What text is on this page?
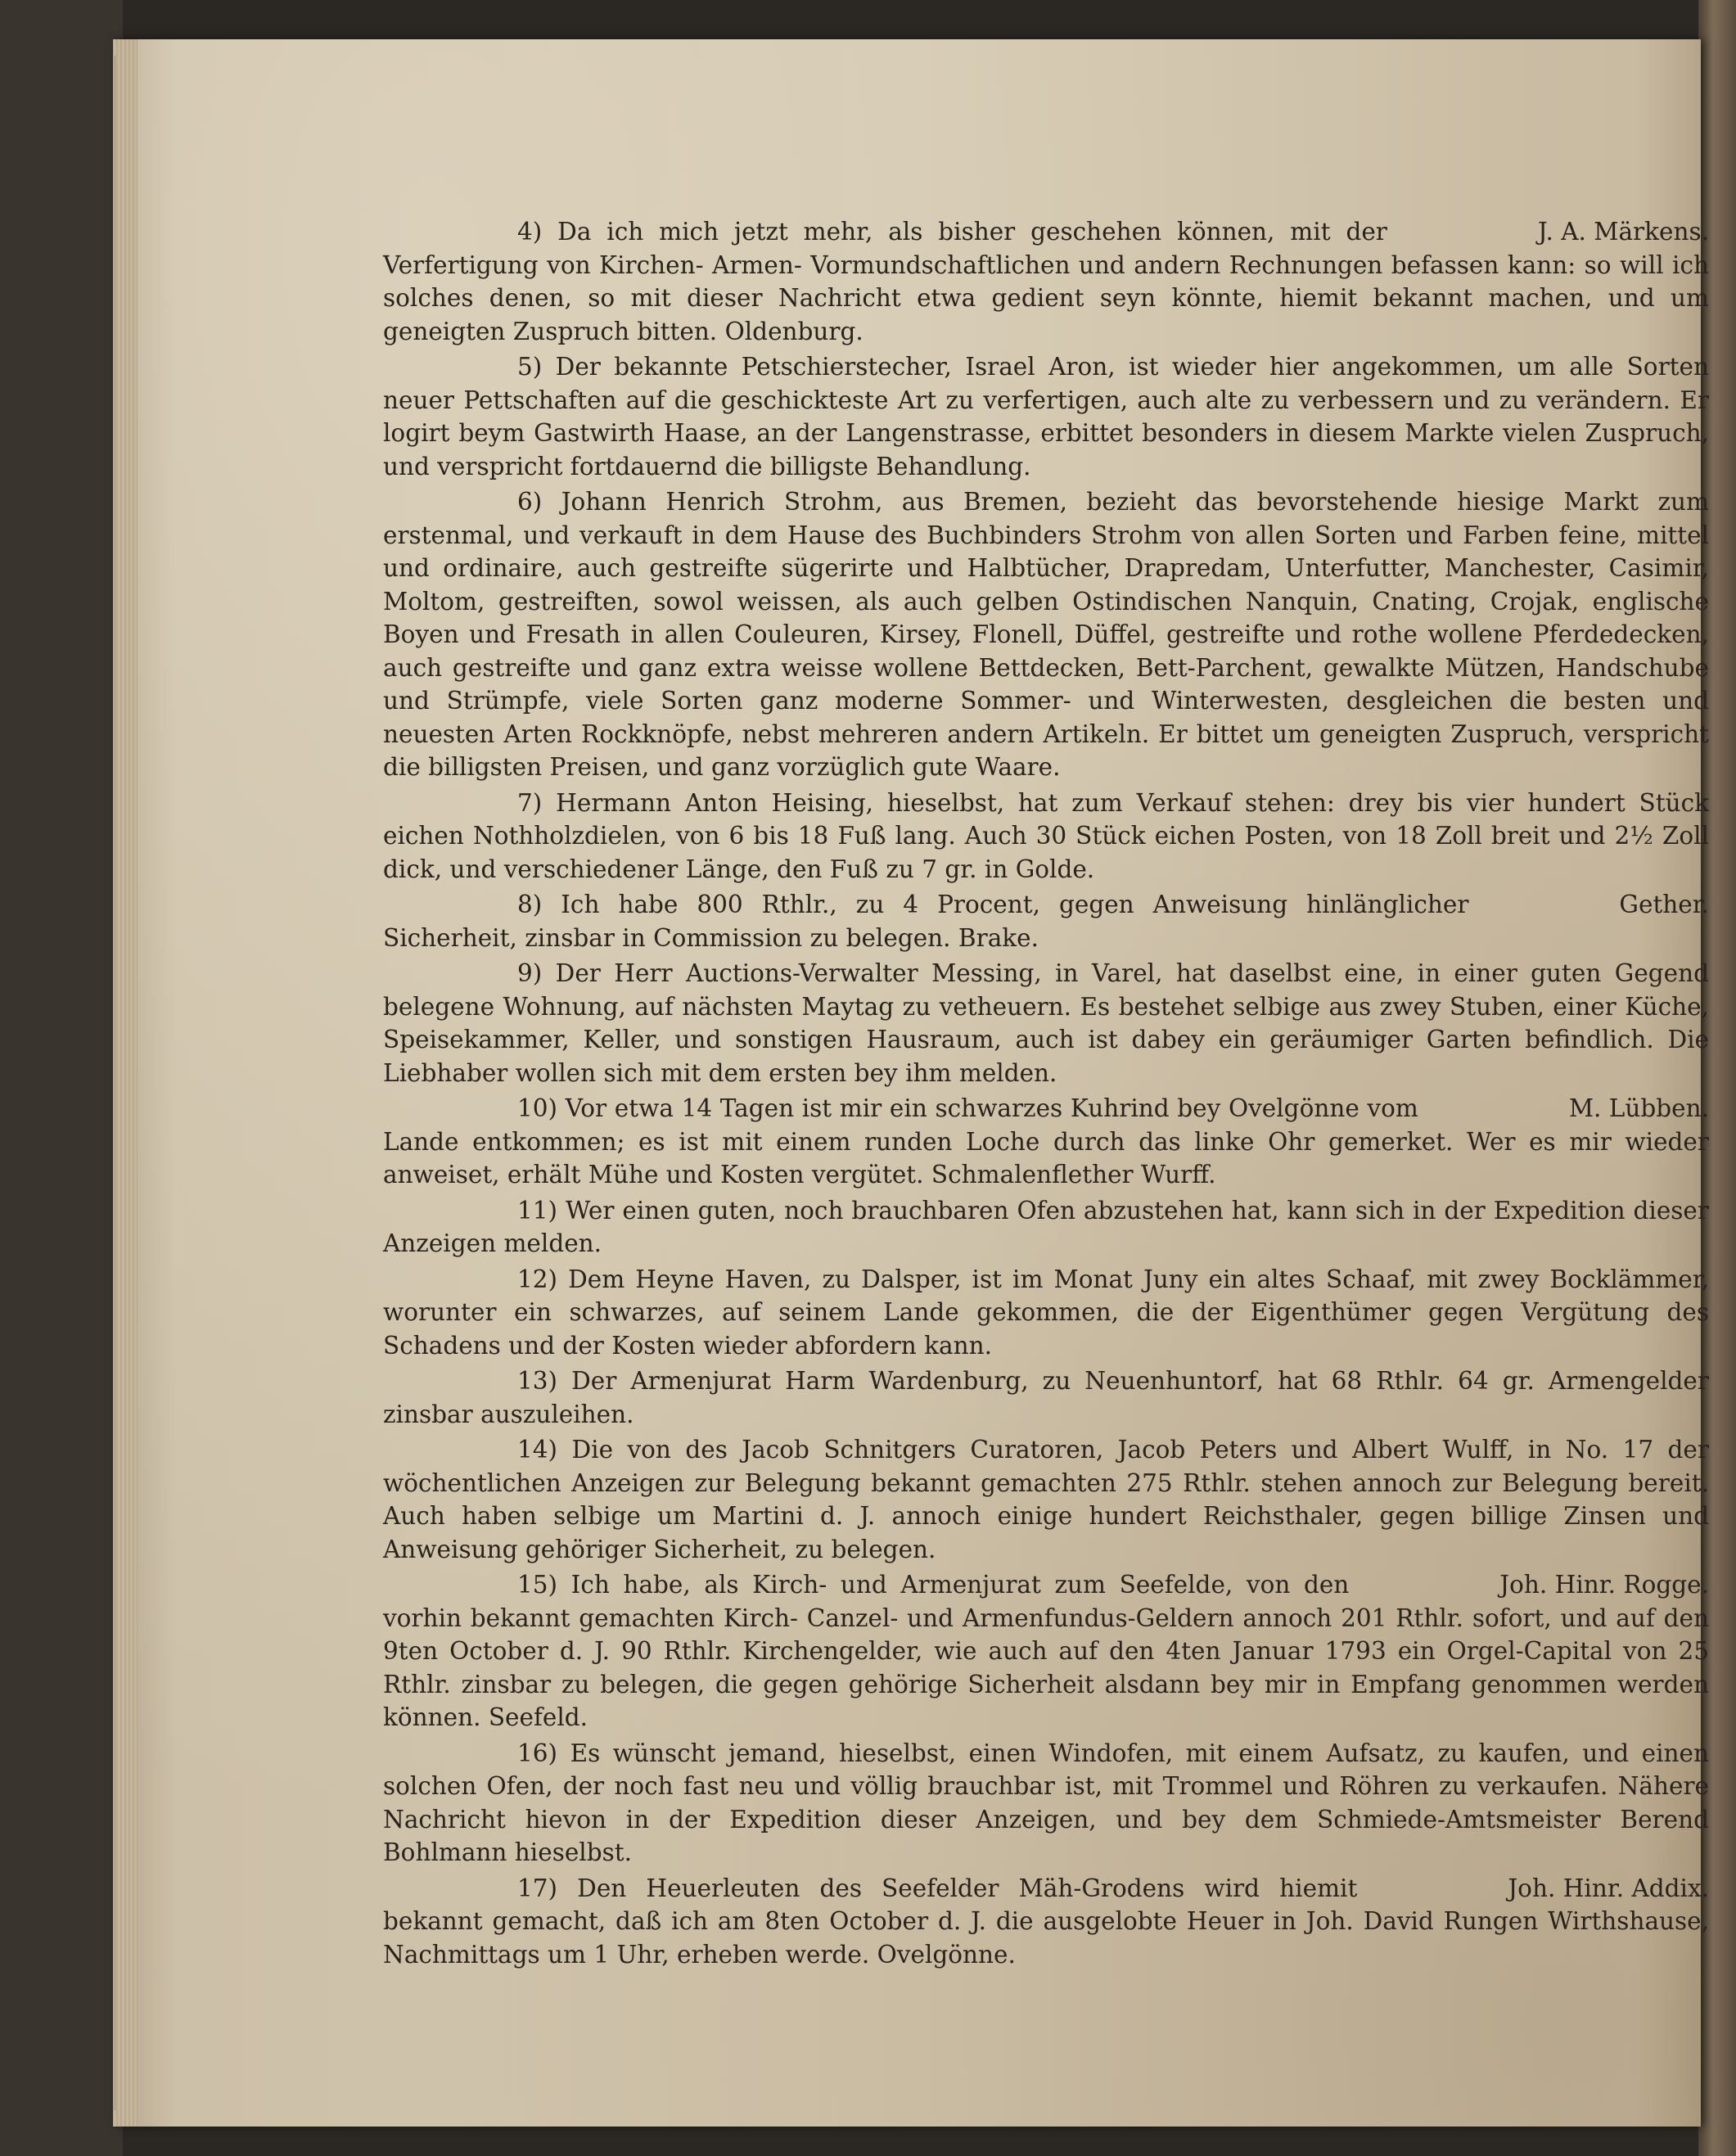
J. A. Märkens.
4) Da ich mich jetzt mehr, als bisher geschehen können, mit der Verfertigung von Kirchen- Armen- Vormundschaftlichen und andern Rechnungen befassen kann: so will ich solches denen, so mit dieser Nachricht etwa gedient seyn könnte, hiemit bekannt machen, und um geneigten Zuspruch bitten. Oldenburg.

5) Der bekannte Petschierstecher, Israel Aron, ist wieder hier angekommen, um alle Sorten neuer Pettschaften auf die geschickteste Art zu verfertigen, auch alte zu verbessern und zu verändern. Er logirt beym Gastwirth Haase, an der Langenstrasse, erbittet besonders in diesem Markte vielen Zuspruch, und verspricht fortdauernd die billigste Behandlung.

6) Johann Henrich Strohm, aus Bremen, bezieht das bevorstehende hiesige Markt zum erstenmal, und verkauft in dem Hause des Buchbinders Strohm von allen Sorten und Farben feine, mittel und ordinaire, auch gestreifte sügerirte und Halbtücher, Drapredam, Unterfutter, Manchester, Casimir, Moltom, gestreiften, sowol weissen, als auch gelben Ostindischen Nanquin, Cnating, Crojak, englische Boyen und Fresath in allen Couleuren, Kirsey, Flonell, Düffel, gestreifte und rothe wollene Pferdedecken, auch gestreifte und ganz extra weisse wollene Bettdecken, Bett-Parchent, gewalkte Mützen, Handschube und Strümpfe, viele Sorten ganz moderne Sommer- und Winterwesten, desgleichen die besten und neuesten Arten Rockknöpfe, nebst mehreren andern Artikeln. Er bittet um geneigten Zuspruch, verspricht die billigsten Preisen, und ganz vorzüglich gute Waare.

7) Hermann Anton Heising, hieselbst, hat zum Verkauf stehen: drey bis vier hundert Stück eichen Nothholzdielen, von 6 bis 18 Fuß lang. Auch 30 Stück eichen Posten, von 18 Zoll breit und 2½ Zoll dick, und verschiedener Länge, den Fuß zu 7 gr. in Golde.

Gether.
8) Ich habe 800 Rthlr., zu 4 Procent, gegen Anweisung hinlänglicher Sicherheit, zinsbar in Commission zu belegen. Brake.

9) Der Herr Auctions-Verwalter Messing, in Varel, hat daselbst eine, in einer guten Gegend belegene Wohnung, auf nächsten Maytag zu vetheuern. Es bestehet selbige aus zwey Stuben, einer Küche, Speisekammer, Keller, und sonstigen Hausraum, auch ist dabey ein geräumiger Garten befindlich. Die Liebhaber wollen sich mit dem ersten bey ihm melden.

M. Lübben.
10) Vor etwa 14 Tagen ist mir ein schwarzes Kuhrind bey Ovelgönne vom Lande entkommen; es ist mit einem runden Loche durch das linke Ohr gemerket. Wer es mir wieder anweiset, erhält Mühe und Kosten vergütet. Schmalenflether Wurff.

11) Wer einen guten, noch brauchbaren Ofen abzustehen hat, kann sich in der Expedition dieser Anzeigen melden.

12) Dem Heyne Haven, zu Dalsper, ist im Monat Juny ein altes Schaaf, mit zwey Bocklämmer, worunter ein schwarzes, auf seinem Lande gekommen, die der Eigenthümer gegen Vergütung des Schadens und der Kosten wieder abfordern kann.

13) Der Armenjurat Harm Wardenburg, zu Neuenhuntorf, hat 68 Rthlr. 64 gr. Armengelder zinsbar auszuleihen.

14) Die von des Jacob Schnitgers Curatoren, Jacob Peters und Albert Wulff, in No. 17 der wöchentlichen Anzeigen zur Belegung bekannt gemachten 275 Rthlr. stehen annoch zur Belegung bereit. Auch haben selbige um Martini d. J. annoch einige hundert Reichsthaler, gegen billige Zinsen und Anweisung gehöriger Sicherheit, zu belegen.

Joh. Hinr. Rogge.
15) Ich habe, als Kirch- und Armenjurat zum Seefelde, von den vorhin bekannt gemachten Kirch- Canzel- und Armenfundus-Geldern annoch 201 Rthlr. sofort, und auf den 9ten October d. J. 90 Rthlr. Kirchengelder, wie auch auf den 4ten Januar 1793 ein Orgel-Capital von 25 Rthlr. zinsbar zu belegen, die gegen gehörige Sicherheit alsdann bey mir in Empfang genommen werden können. Seefeld.

16) Es wünscht jemand, hieselbst, einen Windofen, mit einem Aufsatz, zu kaufen, und einen solchen Ofen, der noch fast neu und völlig brauchbar ist, mit Trommel und Röhren zu verkaufen. Nähere Nachricht hievon in der Expedition dieser Anzeigen, und bey dem Schmiede-Amtsmeister Berend Bohlmann hieselbst.

Joh. Hinr. Addix.
17) Den Heuerleuten des Seefelder Mäh-Grodens wird hiemit bekannt gemacht, daß ich am 8ten October d. J. die ausgelobte Heuer in Joh. David Rungen Wirthshause, Nachmittags um 1 Uhr, erheben werde. Ovelgönne.
